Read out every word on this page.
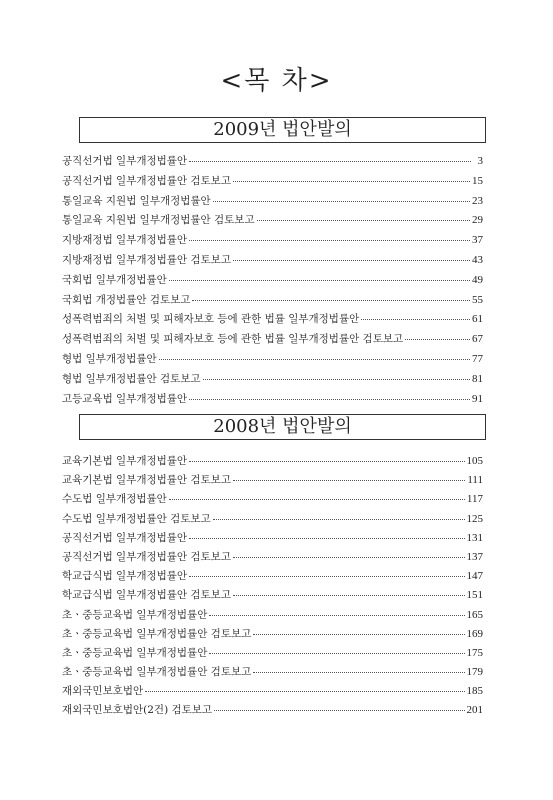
<목 차>
2009년 법안발의
공직선거법 일부개정법률안	3
공직선거법 일부개정법률안 검토보고	15
통일교육 지원법 일부개정법률안	23
통일교육 지원법 일부개정법률안 검토보고	29
지방재정법 일부개정법률안	37
지방재정법 일부개정법률안 검토보고	43
국회법 일부개정법률안	49
국회법 개정법률안 검토보고	55
성폭력범죄의 처벌 및 피해자보호 등에 관한 법률 일부개정법률안	61
성폭력범죄의 처벌 및 피해자보호 등에 관한 법률 일부개정법률안 검토보고	67
형법 일부개정법률안	77
형법 일부개정법률안 검토보고	81
고등교육법 일부개정법률안	91
2008년 법안발의
교육기본법 일부개정법률안	105
교육기본법 일부개정법률안 검토보고	111
수도법 일부개정법률안	117
수도법 일부개정법률안 검토보고	125
공직선거법 일부개정법률안	131
공직선거법 일부개정법률안 검토보고	137
학교급식법 일부개정법률안	147
학교급식법 일부개정법률안 검토보고	151
초ㆍ중등교육법 일부개정법률안	165
초ㆍ중등교육법 일부개정법률안 검토보고	169
초ㆍ중등교육법 일부개정법률안	175
초ㆍ중등교육법 일부개정법률안 검토보고	179
재외국민보호법안	185
재외국민보호법안(2건) 검토보고	201
